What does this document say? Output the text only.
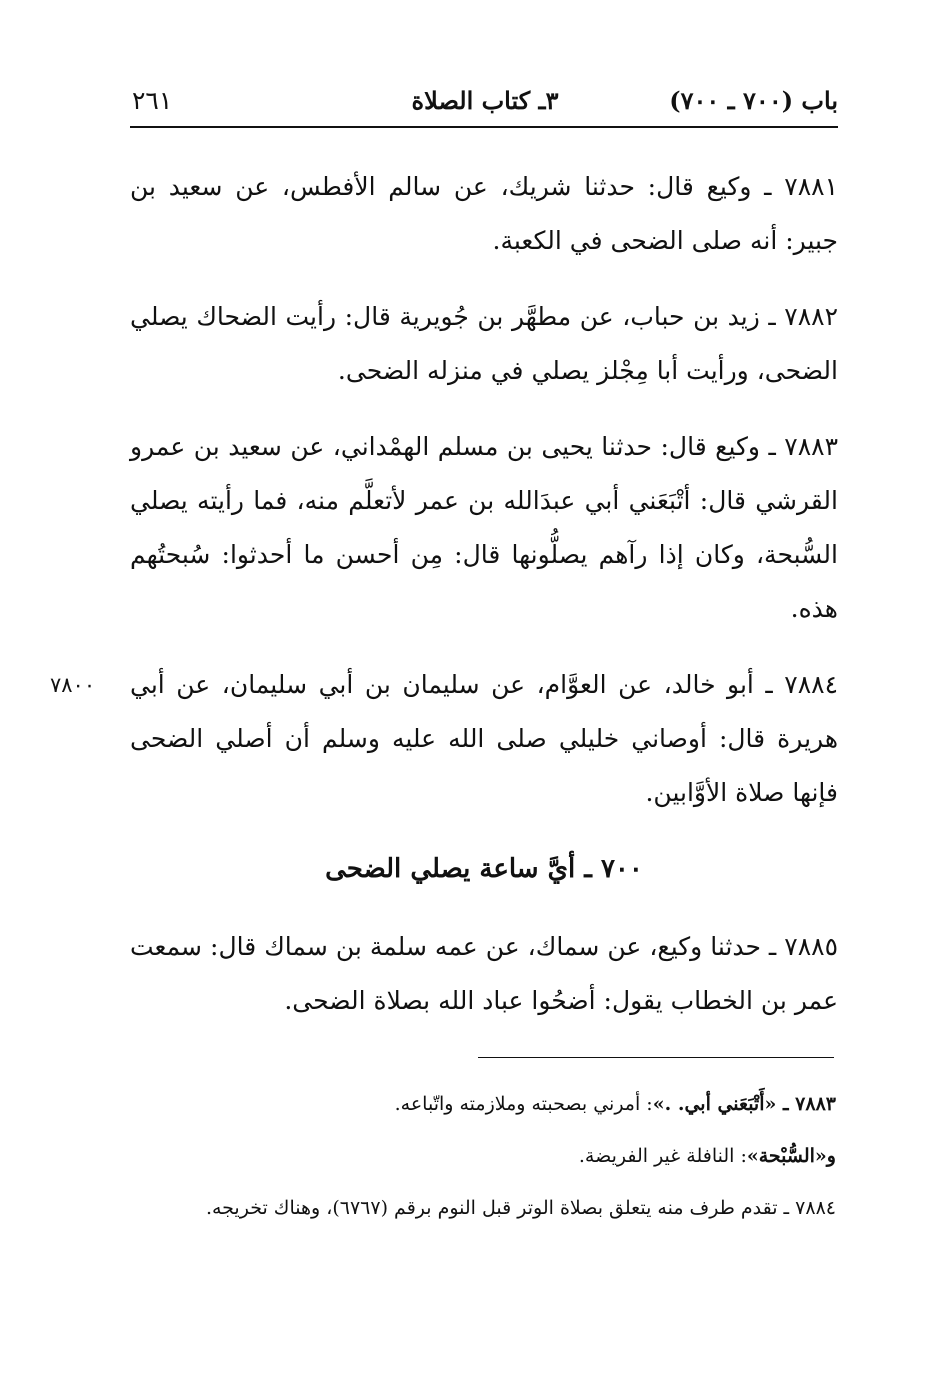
باب (٧٠٠ ـ ٧٠٠)
٣ـ كتاب الصلاة
٢٦١

٧٨٨١ ـ وكيع قال: حدثنا شريك، عن سالم الأفطس، عن سعيد بن جبير: أنه صلى الضحى في الكعبة.

٧٨٨٢ ـ زيد بن حباب، عن مطهَّر بن جُويرية قال: رأيت الضحاك يصلي الضحى، ورأيت أبا مِجْلز يصلي في منزله الضحى.

٧٨٨٣ ـ وكيع قال: حدثنا يحيى بن مسلم الهمْداني، عن سعيد بن عمرو القرشي قال: أتْبَعَني أبي عبدَالله بن عمر لأتعلَّم منه، فما رأيته يصلي السُّبحة، وكان إذا رآهم يصلُّونها قال: مِن أحسن ما أحدثوا: سُبحتُهم هذه.

٧٨٨٤ ـ أبو خالد، عن العوَّام، عن سليمان بن أبي سليمان، عن أبي هريرة قال: أوصاني خليلي صلى الله عليه وسلم أن أصلي الضحى فإنها صلاة الأوَّابين.
٧٨٠٠
٧٠٠ ـ أيَّ ساعة يصلي الضحى

٧٨٨٥ ـ حدثنا وكيع، عن سماك، عن عمه سلمة بن سماك قال: سمعت عمر بن الخطاب يقول: أضحُوا عباد الله بصلاة الضحى.

٧٨٨٣ ـ «أَتْبَعَني أبي. .»: أمرني بصحبته وملازمته واتّباعه.

و«السُّبْحة»: النافلة غير الفريضة.

٧٨٨٤ ـ تقدم طرف منه يتعلق بصلاة الوتر قبل النوم برقم (٦٧٦٧)، وهناك تخريجه.
